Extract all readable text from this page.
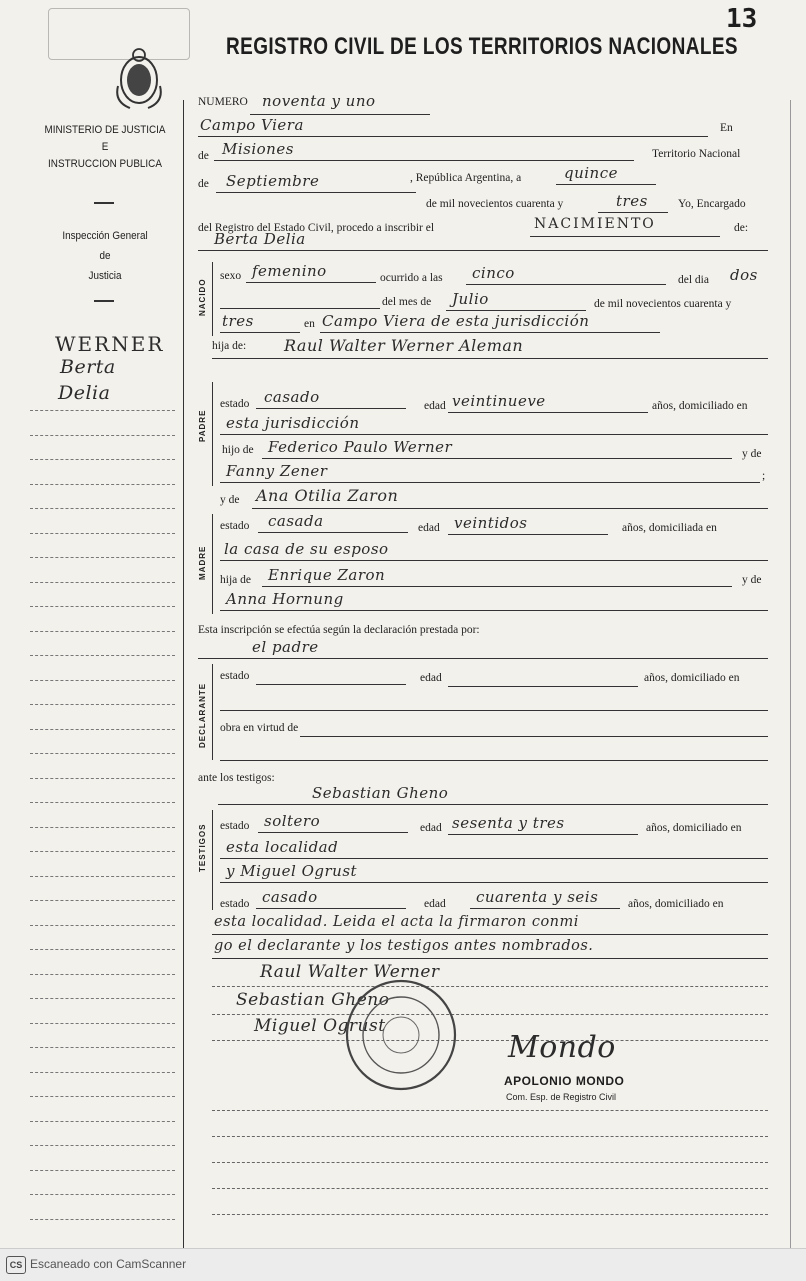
13
REGISTRO CIVIL DE LOS TERRITORIOS NACIONALES
MINISTERIO DE JUSTICIA
E
INSTRUCCION PUBLICA
Inspección General
de
Justicia
WERNER
Berta
Delia
NUMERO noventa y uno
Campo Viera	En
de Misiones	Territorio Nacional
, República Argentina, a	quince
de Septiembre
de mil novecientos cuarenta y	tres	Yo, Encargado
del Registro del Estado Civil, procedo a inscribir el	NACIMIENTO	de:
Berta Delia
NACIDO
sexo femenino	ocurrido a las cinco	del dia dos
del mes de Julio	de mil novecientos cuarenta y
tres	en Campo Viera de esta jurisdicción
hija de: Raul Walter Werner Aleman
PADRE
estado casado	edad veintinueve	años, domiciliado en
esta jurisdicción
hijo de Federico Paulo Werner	y de
Fanny Zener	;
y de Ana Otilia Zaron
MADRE
estado casada	edad veintidos	años, domiciliada en
la casa de su esposo
hija de Enrique Zaron	y de
Anna Hornung
Esta inscripción se efectúa según la declaración prestada por:
el padre
DECLARANTE
estado	edad	años, domiciliado en
obra en virtud de
ante los testigos:
Sebastian Gheno
TESTIGOS estado soltero	edad sesenta y tres	años, domiciliado en
esta localidad
y Miguel Ogrust
estado casado	edad cuarenta y seis	años, domiciliado en
esta localidad. Leida el acta la firmaron conmi
go el declarante y los testigos antes nombrados.
Raul Walter Werner
Sebastian Gheno
Miguel Ogrust
Mondo
APOLONIO MONDO
Com. Esp. de Registro Civil
CS Escaneado con CamScanner
